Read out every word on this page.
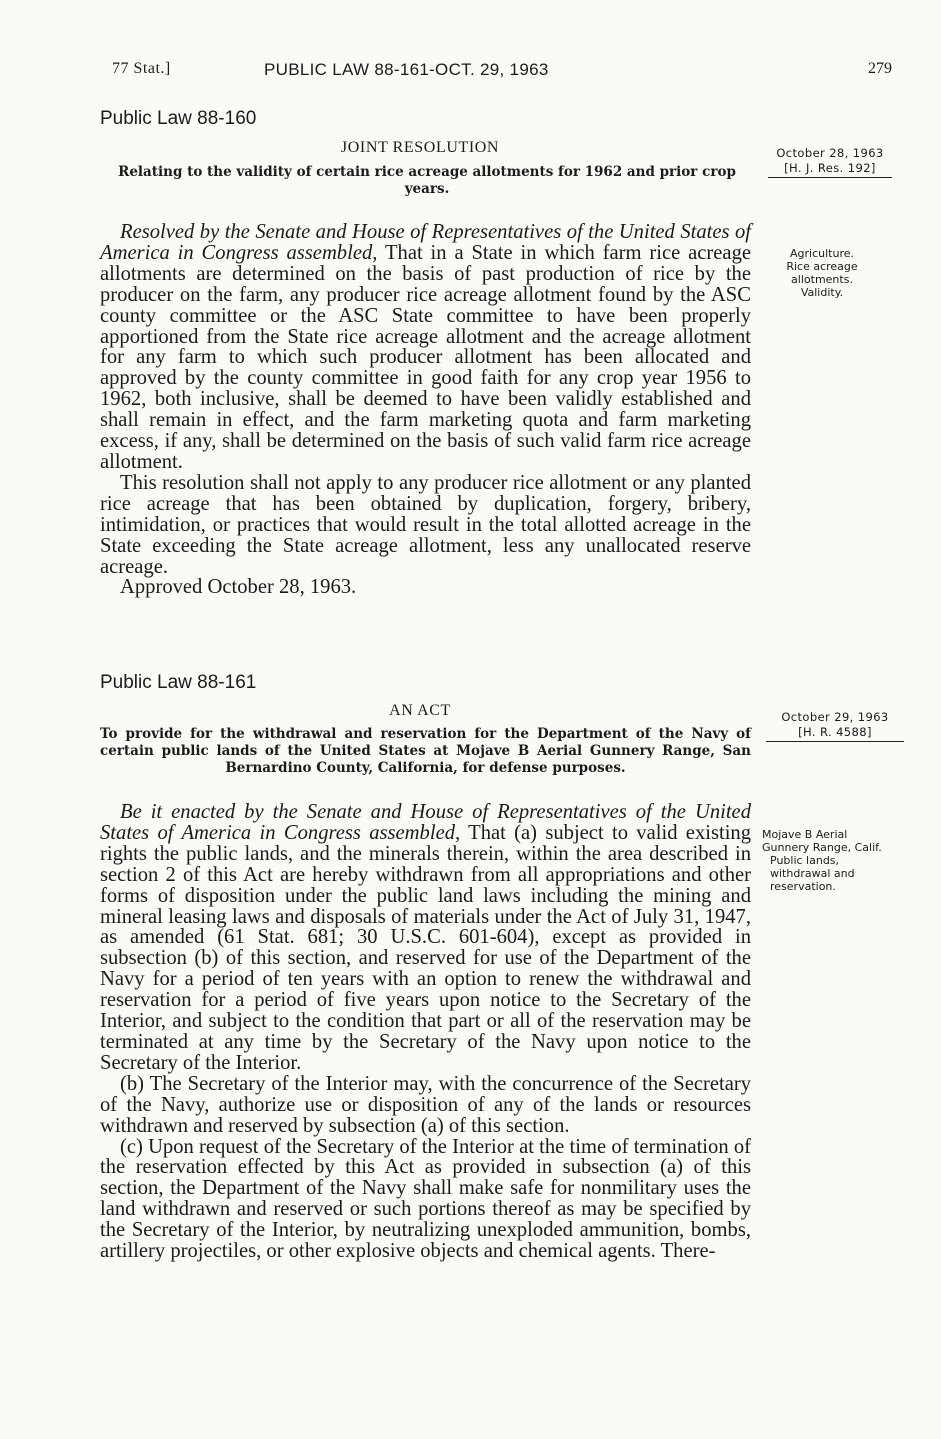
77 Stat.]	PUBLIC LAW 88-161-OCT. 29, 1963	279
Public Law 88-160
JOINT RESOLUTION
Relating to the validity of certain rice acreage allotments for 1962 and prior crop years.
October 28, 1963
[H. J. Res. 192]
Agriculture.
Rice acreage allotments.
Validity.

Resolved by the Senate and House of Representatives of the United States of America in Congress assembled, That in a State in which farm rice acreage allotments are determined on the basis of past production of rice by the producer on the farm, any producer rice acreage allotment found by the ASC county committee or the ASC State committee to have been properly apportioned from the State rice acreage allotment and the acreage allotment for any farm to which such producer allotment has been allocated and approved by the county committee in good faith for any crop year 1956 to 1962, both inclusive, shall be deemed to have been validly established and shall remain in effect, and the farm marketing quota and farm marketing excess, if any, shall be determined on the basis of such valid farm rice acreage allotment.

This resolution shall not apply to any producer rice allotment or any planted rice acreage that has been obtained by duplication, forgery, bribery, intimidation, or practices that would result in the total allotted acreage in the State exceeding the State acreage allotment, less any unallocated reserve acreage.

Approved October 28, 1963.

Public Law 88-161
AN ACT
To provide for the withdrawal and reservation for the Department of the Navy of certain public lands of the United States at Mojave B Aerial Gunnery Range, San Bernardino County, California, for defense purposes.
October 29, 1963
[H. R. 4588]
Mojave B Aerial Gunnery Range, Calif.
Public lands, withdrawal and reservation.

Be it enacted by the Senate and House of Representatives of the United States of America in Congress assembled, That (a) subject to valid existing rights the public lands, and the minerals therein, within the area described in section 2 of this Act are hereby withdrawn from all appropriations and other forms of disposition under the public land laws including the mining and mineral leasing laws and disposals of materials under the Act of July 31, 1947, as amended (61 Stat. 681; 30 U.S.C. 601-604), except as provided in subsection (b) of this section, and reserved for use of the Department of the Navy for a period of ten years with an option to renew the withdrawal and reservation for a period of five years upon notice to the Secretary of the Interior, and subject to the condition that part or all of the reservation may be terminated at any time by the Secretary of the Navy upon notice to the Secretary of the Interior.

(b) The Secretary of the Interior may, with the concurrence of the Secretary of the Navy, authorize use or disposition of any of the lands or resources withdrawn and reserved by subsection (a) of this section.

(c) Upon request of the Secretary of the Interior at the time of termination of the reservation effected by this Act as provided in subsection (a) of this section, the Department of the Navy shall make safe for nonmilitary uses the land withdrawn and reserved or such portions thereof as may be specified by the Secretary of the Interior, by neutralizing unexploded ammunition, bombs, artillery projectiles, or other explosive objects and chemical agents. There-
